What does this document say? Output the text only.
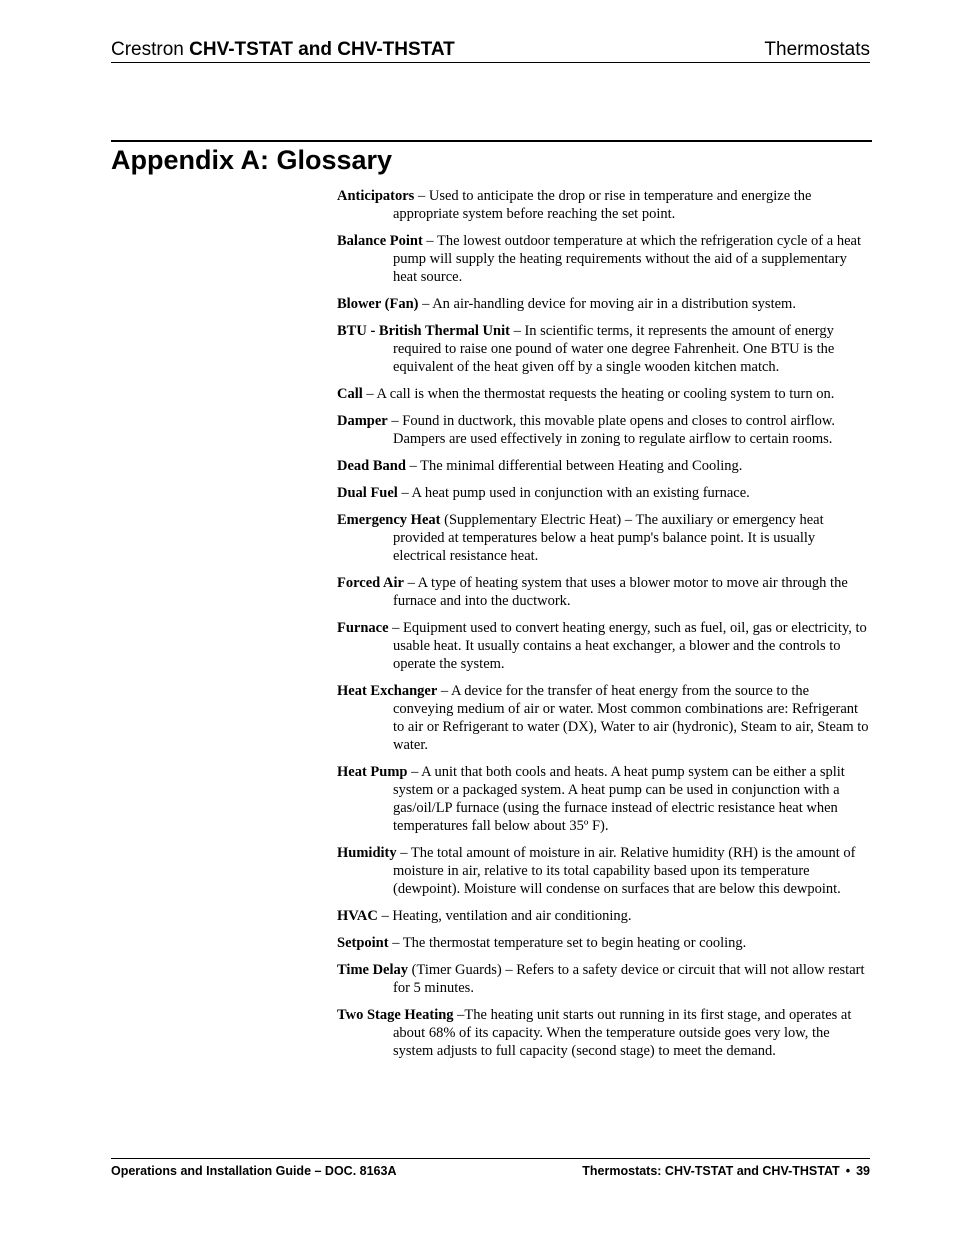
Crestron CHV-TSTAT and CHV-THSTAT	Thermostats
Appendix A: Glossary

Anticipators – Used to anticipate the drop or rise in temperature and energize the appropriate system before reaching the set point.

Balance Point – The lowest outdoor temperature at which the refrigeration cycle of a heat pump will supply the heating requirements without the aid of a supplementary heat source.

Blower (Fan) – An air-handling device for moving air in a distribution system.

BTU - British Thermal Unit – In scientific terms, it represents the amount of energy required to raise one pound of water one degree Fahrenheit. One BTU is the equivalent of the heat given off by a single wooden kitchen match.

Call – A call is when the thermostat requests the heating or cooling system to turn on.

Damper – Found in ductwork, this movable plate opens and closes to control airflow. Dampers are used effectively in zoning to regulate airflow to certain rooms.

Dead Band – The minimal differential between Heating and Cooling.

Dual Fuel – A heat pump used in conjunction with an existing furnace.

Emergency Heat (Supplementary Electric Heat) – The auxiliary or emergency heat provided at temperatures below a heat pump's balance point. It is usually electrical resistance heat.

Forced Air – A type of heating system that uses a blower motor to move air through the furnace and into the ductwork.

Furnace – Equipment used to convert heating energy, such as fuel, oil, gas or electricity, to usable heat. It usually contains a heat exchanger, a blower and the controls to operate the system.

Heat Exchanger – A device for the transfer of heat energy from the source to the conveying medium of air or water. Most common combinations are: Refrigerant to air or Refrigerant to water (DX), Water to air (hydronic), Steam to air, Steam to water.

Heat Pump – A unit that both cools and heats. A heat pump system can be either a split system or a packaged system. A heat pump can be used in conjunction with a gas/oil/LP furnace (using the furnace instead of electric resistance heat when temperatures fall below about 35º F).

Humidity – The total amount of moisture in air. Relative humidity (RH) is the amount of moisture in air, relative to its total capability based upon its temperature (dewpoint). Moisture will condense on surfaces that are below this dewpoint.

HVAC – Heating, ventilation and air conditioning.

Setpoint – The thermostat temperature set to begin heating or cooling.

Time Delay (Timer Guards) – Refers to a safety device or circuit that will not allow restart for 5 minutes.

Two Stage Heating –The heating unit starts out running in its first stage, and operates at about 68% of its capacity. When the temperature outside goes very low, the system adjusts to full capacity (second stage) to meet the demand.

Operations and Installation Guide – DOC. 8163A	Thermostats: CHV-TSTAT and CHV-THSTAT • 39
